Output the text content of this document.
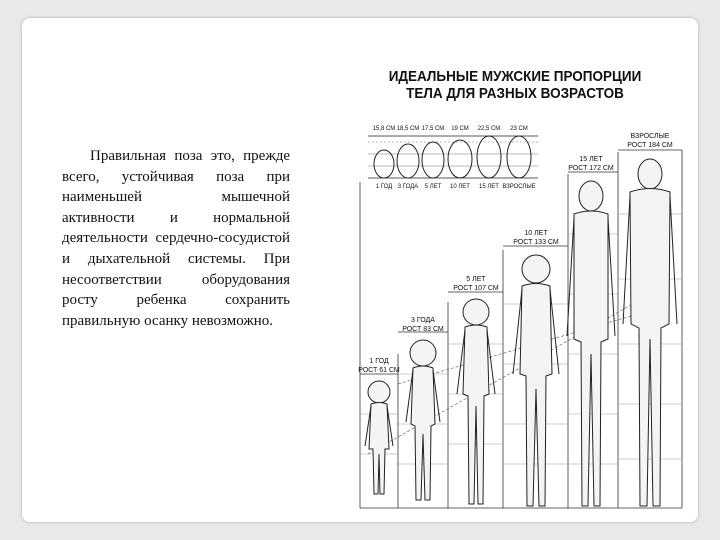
Правильная поза это, прежде всего, устойчивая поза при наименьшей мышечной активности и нормальной деятельности сердечно-сосудистой и дыхательной системы. При несоответствии оборудования росту ребенка сохранить правильную осанку невозможно.

ИДЕАЛЬНЫЕ МУЖСКИЕ ПРОПОРЦИИ
ТЕЛА ДЛЯ РАЗНЫХ ВОЗРАСТОВ
15,8 СМ 18,5 СМ 17,5 СМ 19 СМ 22,5 СМ 23 СМ
1 ГОД 3 ГОДА 5 ЛЕТ 10 ЛЕТ 15 ЛЕТ ВЗРОСЛЫЕ
1 ГОД
РОСТ 61 СМ
3 ГОДА
РОСТ 83 СМ
5 ЛЕТ
РОСТ 107 СМ
10 ЛЕТ
РОСТ 133 СМ
15 ЛЕТ
РОСТ 172 СМ
ВЗРОСЛЫЕ
РОСТ 184 СМ
